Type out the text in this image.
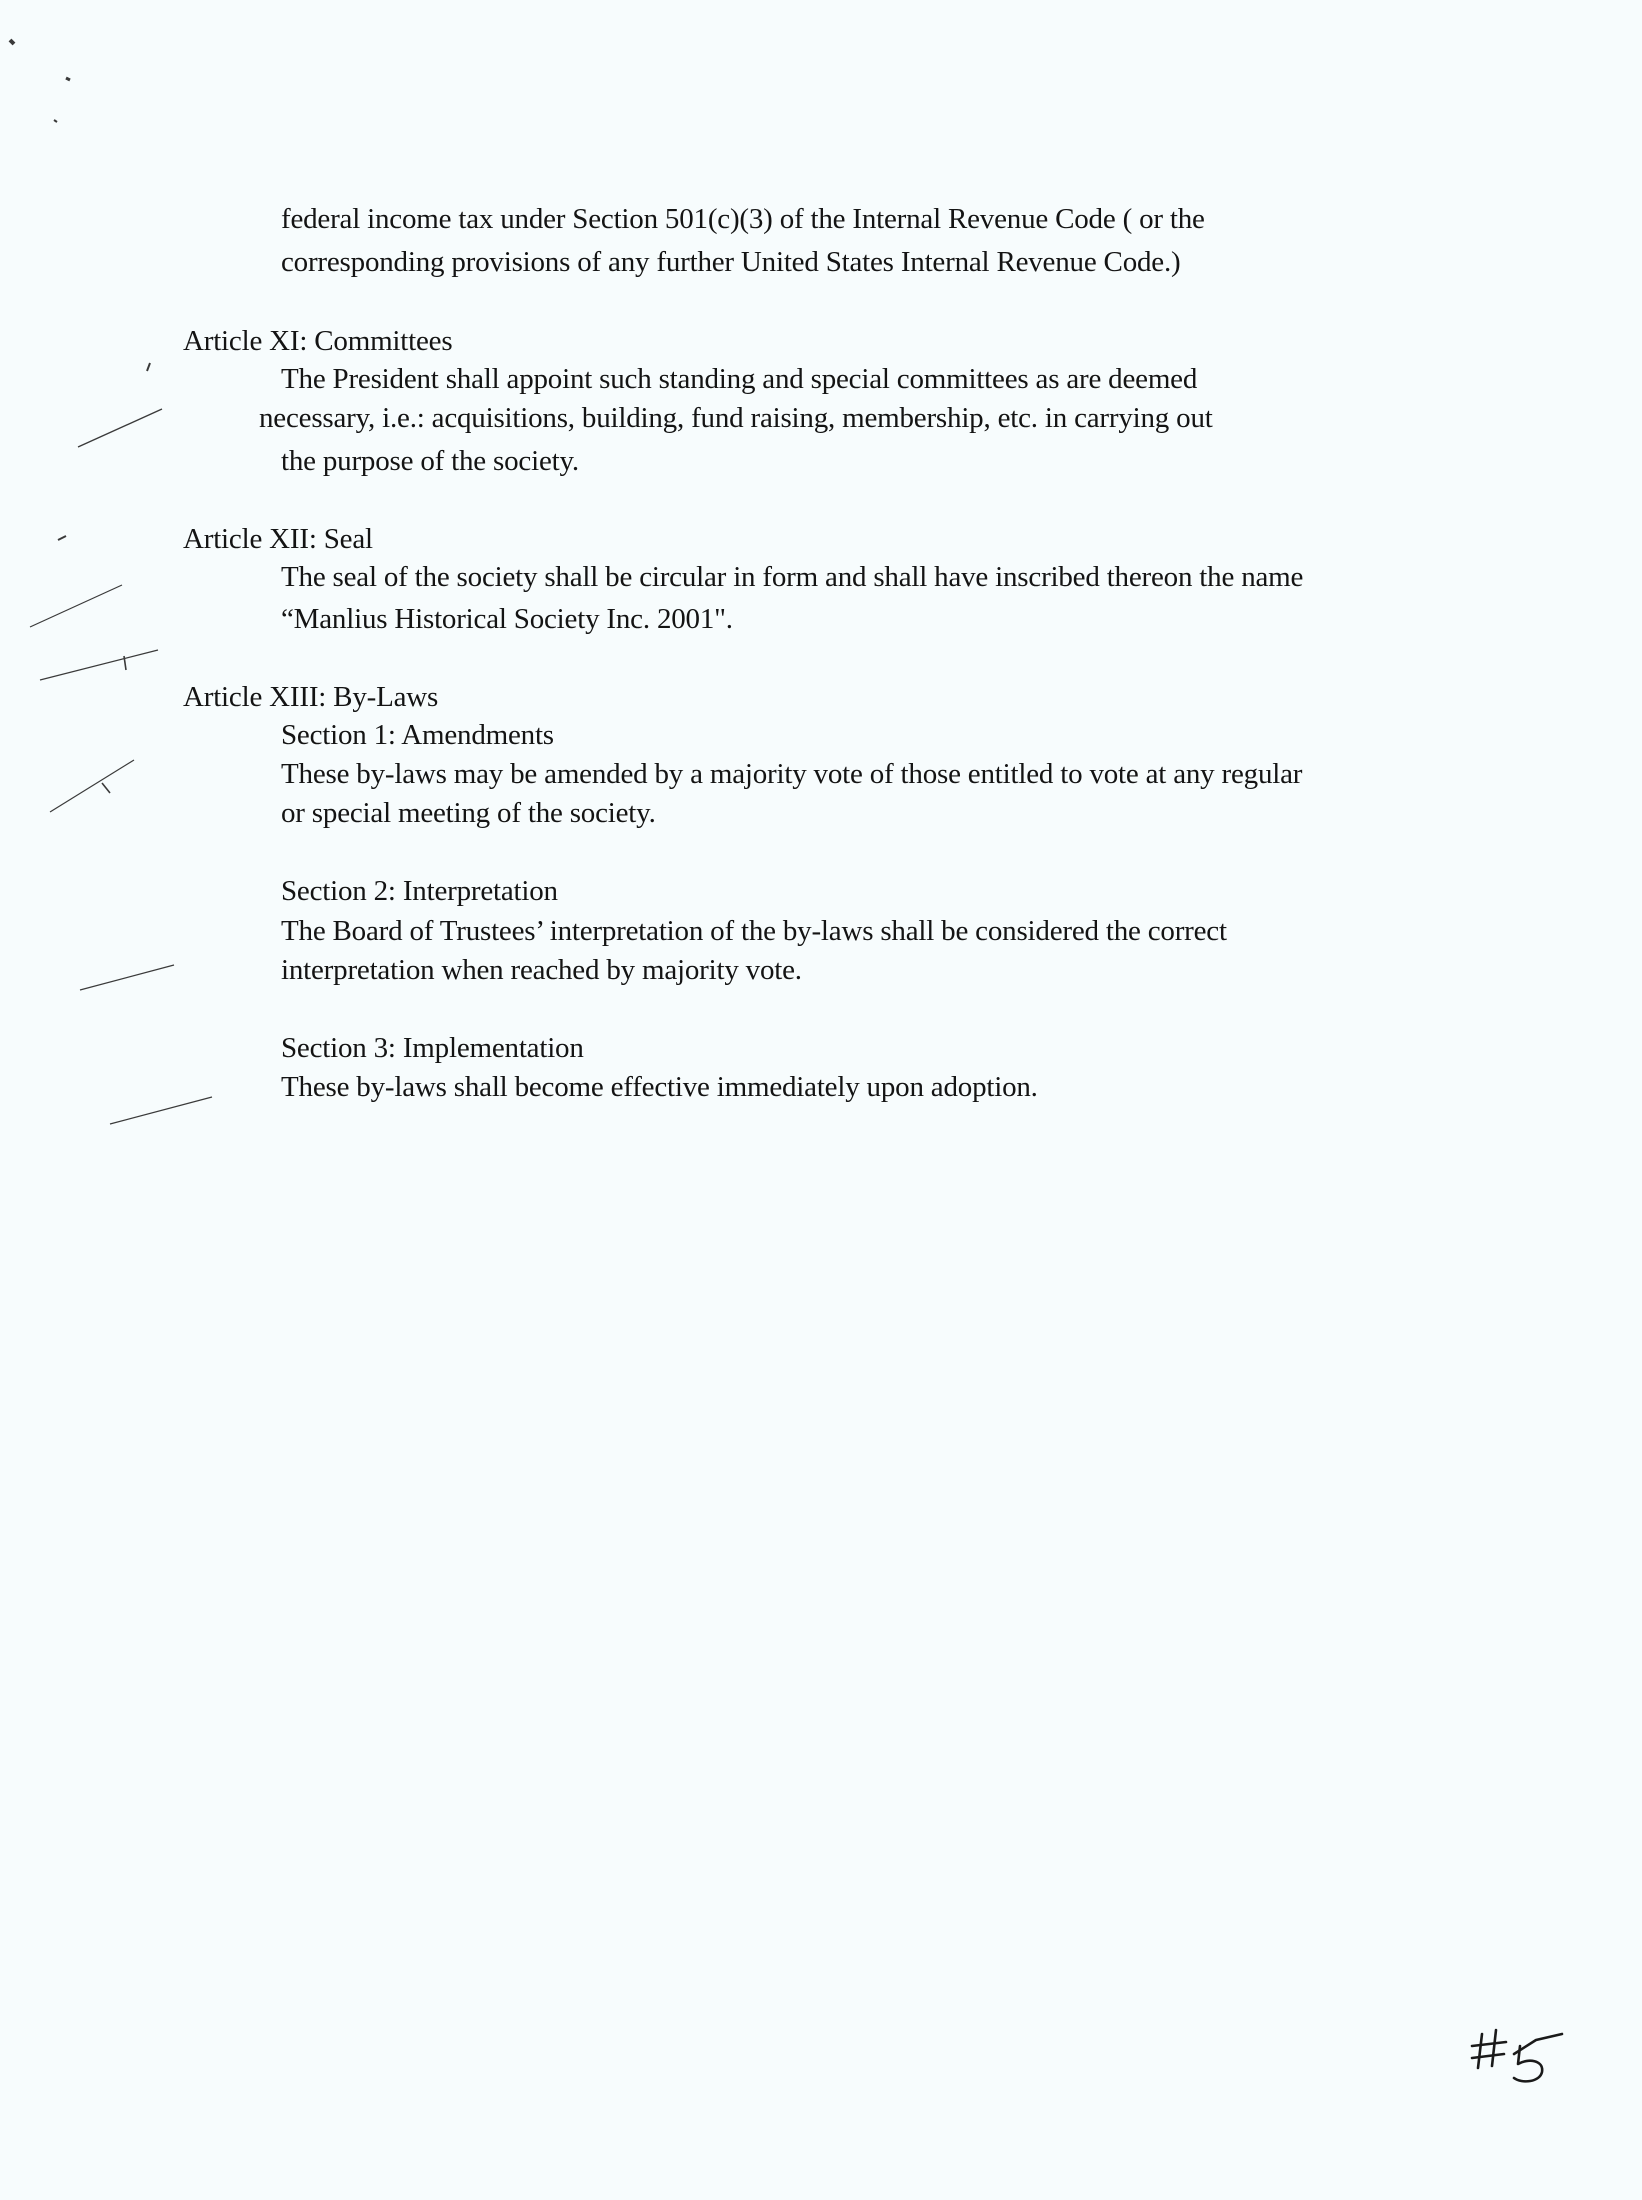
federal income tax under Section 501(c)(3) of the Internal Revenue Code ( or the
corresponding provisions of any further United States Internal Revenue Code.)
Article XI: Committees
The President shall appoint such standing and special committees as are deemed
necessary, i.e.: acquisitions, building, fund raising, membership, etc. in carrying out
the purpose of the society.
Article XII: Seal
The seal of the society shall be circular in form and shall have inscribed thereon the name
“Manlius Historical Society Inc. 2001".
Article XIII: By-Laws
Section 1: Amendments
These by-laws may be amended by a majority vote of those entitled to vote at any regular
or special meeting of the society.
Section 2: Interpretation
The Board of Trustees’ interpretation of the by-laws shall be considered the correct
interpretation when reached by majority vote.
Section 3: Implementation
These by-laws shall become effective immediately upon adoption.
